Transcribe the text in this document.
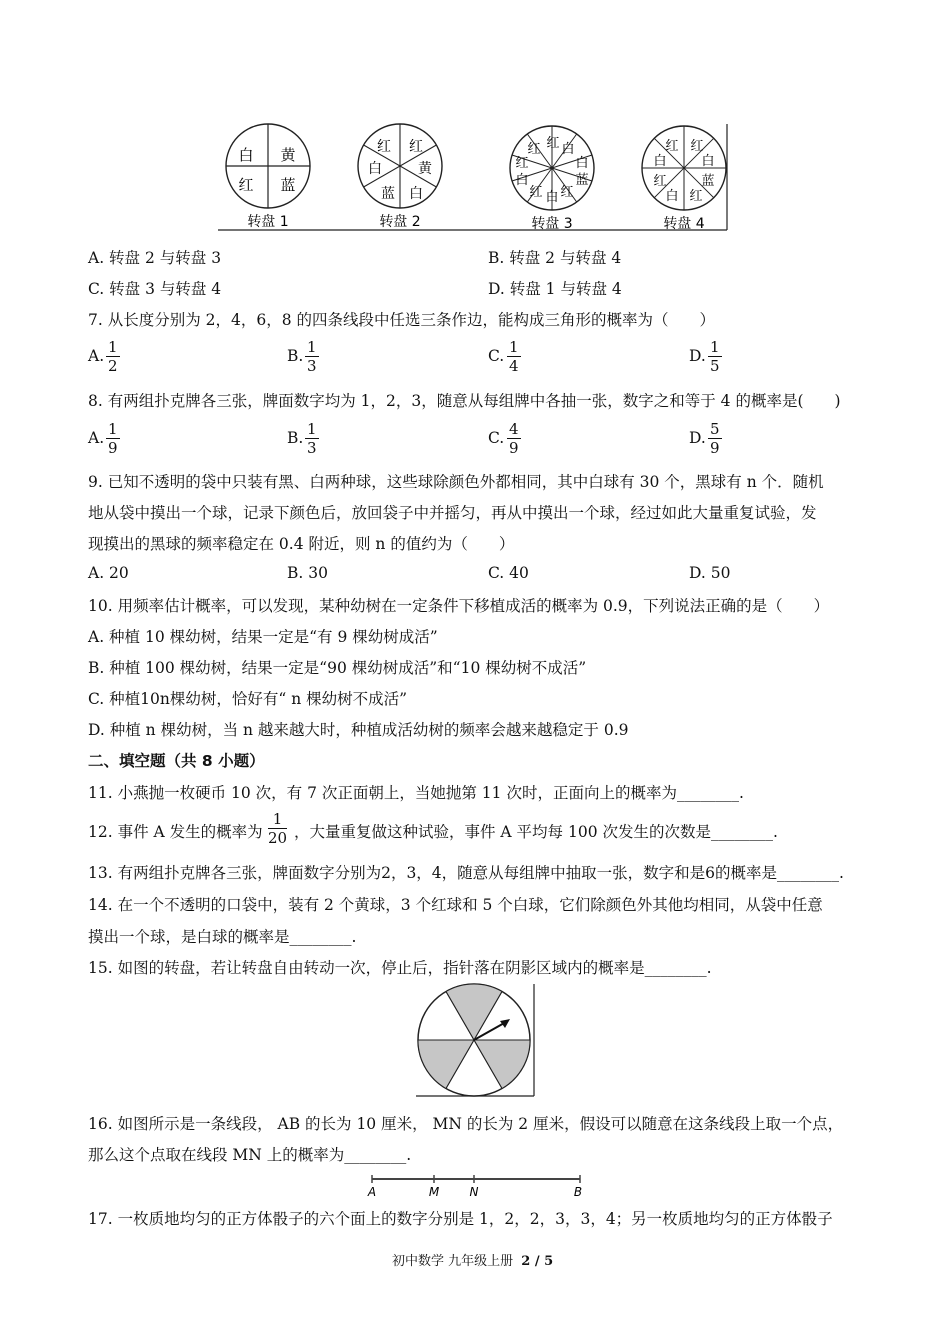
白 黄
红 蓝
转盘 1
红 红
黄
白
白
蓝
转盘 2
红 红 白
白
蓝
红
白
红
白
红
转盘 3
红 红
白
蓝
红
白
红
白
转盘 4
A. 转盘 2 与转盘 3	B. 转盘 2 与转盘 4
C. 转盘 3 与转盘 4	D. 转盘 1 与转盘 4
7. 从长度分别为 2，4，6，8 的四条线段中任选三条作边，能构成三角形的概率为（　　）
A. 1
2
B. 1
3
C. 1
4
D. 1
5
8. 有两组扑克牌各三张，牌面数字均为 1，2，3，随意从每组牌中各抽一张，数字之和等于 4 的概率是(　　)
A. 1
9
B. 1
3
C. 4
9
D. 5
9
9. 已知不透明的袋中只装有黑、白两种球，这些球除颜色外都相同，其中白球有 30 个，黑球有 n 个．随机
地从袋中摸出一个球，记录下颜色后，放回袋子中并摇匀，再从中摸出一个球，经过如此大量重复试验，发
现摸出的黑球的频率稳定在 0.4 附近，则 n 的值约为（　　）
A. 20	B. 30	C. 40	D. 50
10. 用频率估计概率，可以发现，某种幼树在一定条件下移植成活的概率为 0.9，下列说法正确的是（　　）
A. 种植 10 棵幼树，结果一定是“有 9 棵幼树成活”
B. 种植 100 棵幼树，结果一定是“90 棵幼树成活”和“10 棵幼树不成活”
C. 种植10n棵幼树，恰好有“ n 棵幼树不成活”
D. 种植 n 棵幼树，当 n 越来越大时，种植成活幼树的频率会越来越稳定于 0.9
二、填空题（共 8 小题）
11. 小燕抛一枚硬币 10 次，有 7 次正面朝上，当她抛第 11 次时，正面向上的概率为________.
12. 事件 A 发生的概率为
1
20 ，大量重复做这种试验，事件 A 平均每 100 次发生的次数是________.
13. 有两组扑克牌各三张，牌面数字分别为2，3，4，随意从每组牌中抽取一张，数字和是6的概率是________.
14. 在一个不透明的口袋中，装有 2 个黄球，3 个红球和 5 个白球，它们除颜色外其他均相同，从袋中任意
摸出一个球，是白球的概率是________.
15. 如图的转盘，若让转盘自由转动一次，停止后，指针落在阴影区域内的概率是________.
16. 如图所示是一条线段， AB 的长为 10 厘米， MN 的长为 2 厘米，假设可以随意在这条线段上取一个点，
那么这个点取在线段 MN 上的概率为________.
A	M	N	B
17. 一枚质地均匀的正方体骰子的六个面上的数字分别是 1，2，2，3，3，4；另一枚质地均匀的正方体骰子
初中数学 九年级上册 2 / 5
